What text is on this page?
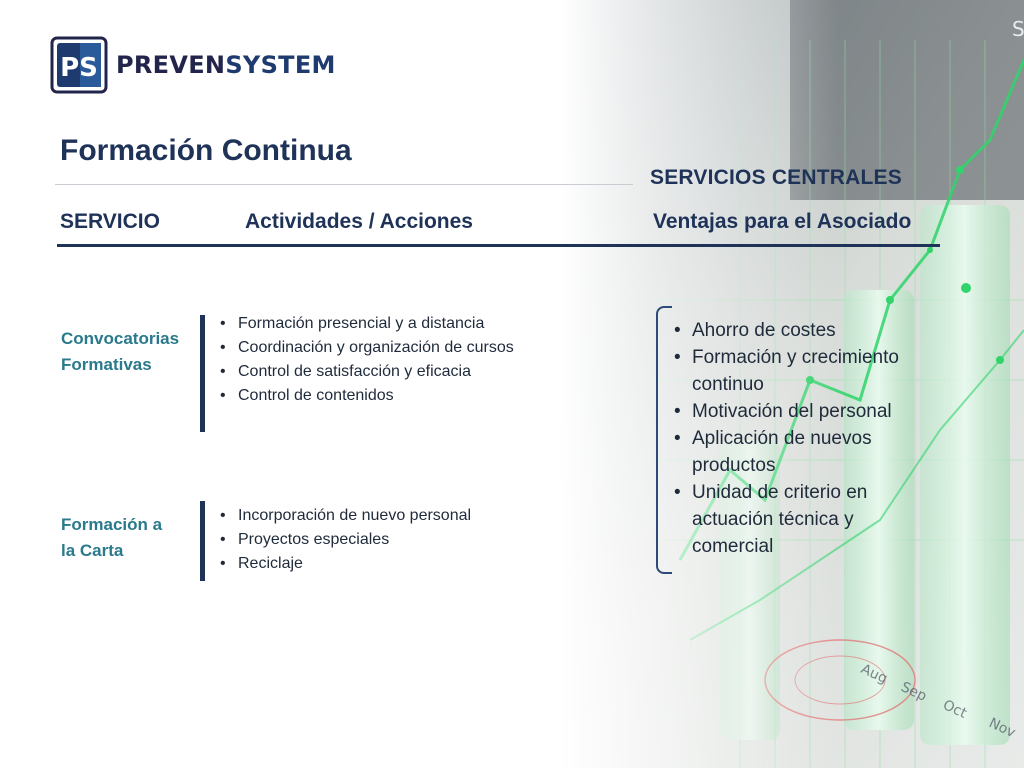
PS PREVENSYSTEM
Formación Continua
SERVICIOS CENTRALES
SERVICIO	Actividades / Acciones	Ventajas para el Asociado
Convocatorias
Formativas
• Formación presencial y a distancia
• Coordinación y organización de cursos
• Control de satisfacción y eficacia
• Control de contenidos
Formación a
la Carta
• Incorporación de nuevo personal
• Proyectos especiales
• Reciclaje
• Ahorro de costes
• Formación y crecimiento continuo
• Motivación del personal
• Aplicación de nuevos productos
• Unidad de criterio en actuación técnica y comercial
